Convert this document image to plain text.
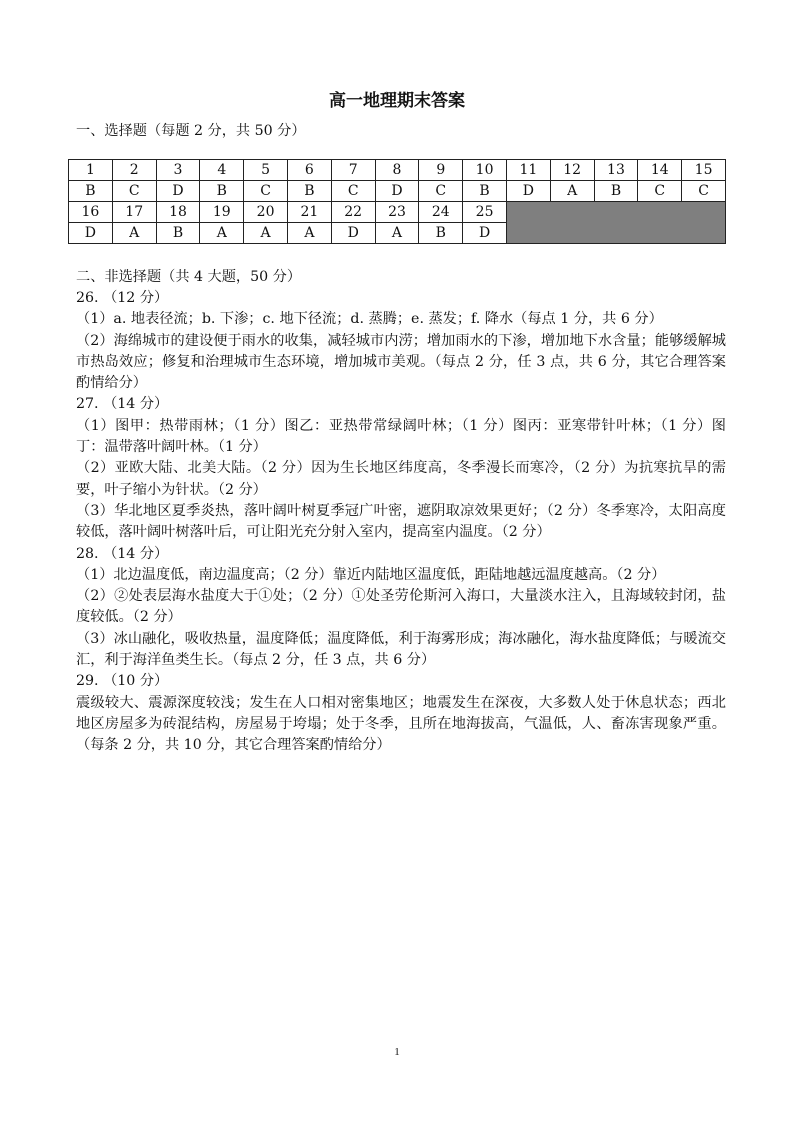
高一地理期末答案
一、选择题（每题 2 分，共 50 分）
1	2	3	4	5	6	7	8	9	10	11	12	13	14	15
B	C	D	B	C	B	C	D	C	B	D	A	B	C	C
16	17	18	19	20	21	22	23	24	25					
D	A	B	A	A	A	D	A	B	D					
二、非选择题（共 4 大题，50 分）

26. （12 分）

（1）a. 地表径流；b. 下渗；c. 地下径流；d. 蒸腾；e. 蒸发；f. 降水（每点 1 分，共 6 分）

（2）海绵城市的建设便于雨水的收集，减轻城市内涝；增加雨水的下渗，增加地下水含量；能够缓解城市热岛效应；修复和治理城市生态环境，增加城市美观。（每点 2 分，任 3 点，共 6 分，其它合理答案酌情给分）

27. （14 分）

（1）图甲：热带雨林；（1 分）图乙：亚热带常绿阔叶林；（1 分）图丙：亚寒带针叶林；（1 分）图丁：温带落叶阔叶林。（1 分）

（2）亚欧大陆、北美大陆。（2 分）因为生长地区纬度高，冬季漫长而寒冷，（2 分）为抗寒抗旱的需要，叶子缩小为针状。（2 分）

（3）华北地区夏季炎热，落叶阔叶树夏季冠广叶密，遮阴取凉效果更好；（2 分）冬季寒冷，太阳高度较低，落叶阔叶树落叶后，可让阳光充分射入室内，提高室内温度。（2 分）

28. （14 分）

（1）北边温度低，南边温度高；（2 分）靠近内陆地区温度低，距陆地越远温度越高。（2 分）

（2）②处表层海水盐度大于①处；（2 分）①处圣劳伦斯河入海口，大量淡水注入，且海域较封闭，盐度较低。（2 分）

（3）冰山融化，吸收热量，温度降低；温度降低，利于海雾形成；海冰融化，海水盐度降低；与暖流交汇，利于海洋鱼类生长。（每点 2 分，任 3 点，共 6 分）

29. （10 分）

震级较大、震源深度较浅；发生在人口相对密集地区；地震发生在深夜，大多数人处于休息状态；西北地区房屋多为砖混结构，房屋易于垮塌；处于冬季，且所在地海拔高，气温低，人、畜冻害现象严重。（每条 2 分，共 10 分，其它合理答案酌情给分）

1
